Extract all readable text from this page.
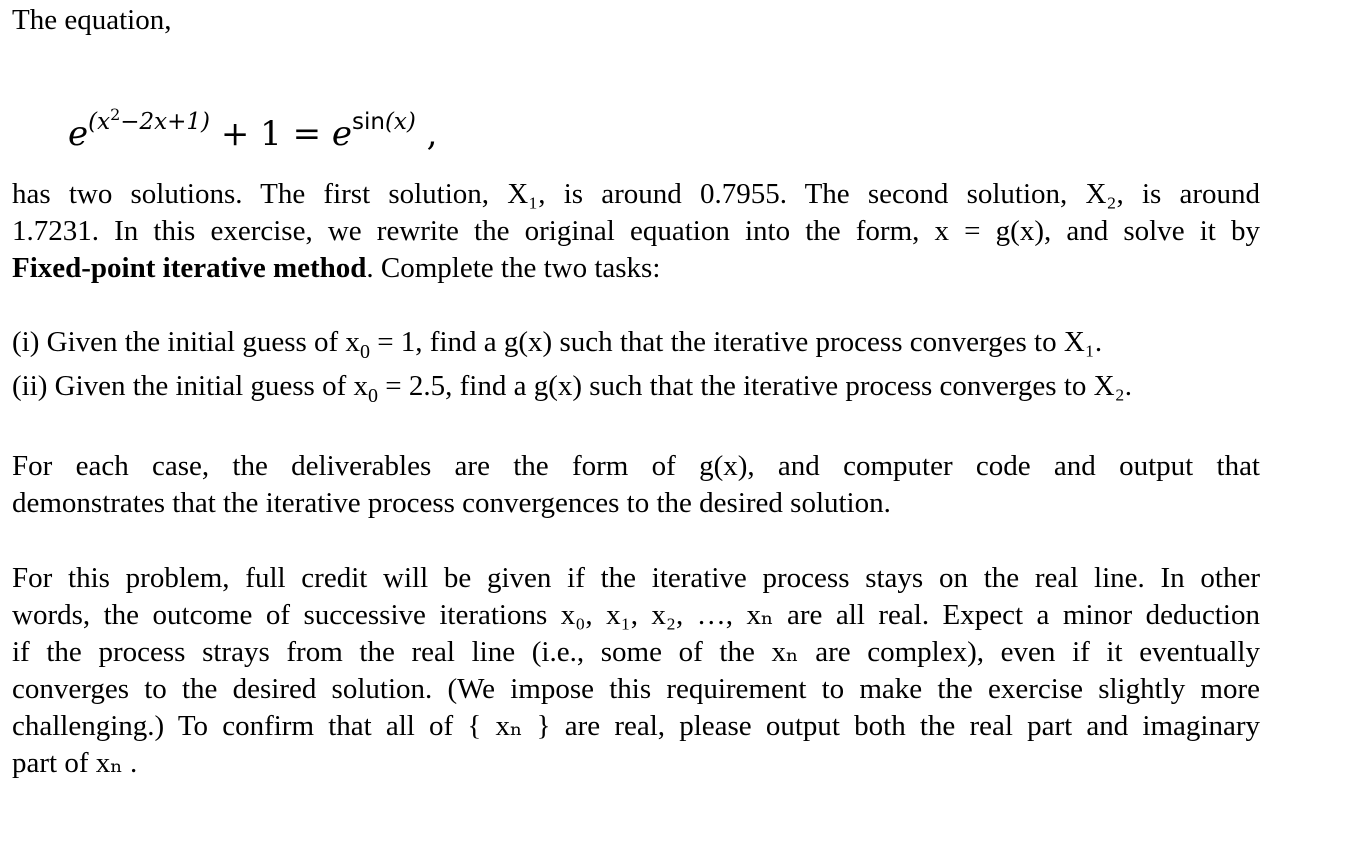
The equation,
$e^{(x^2-2x+1)} + 1 = e^{sin(x)}$ ,
has two solutions. The first solution, X₁, is around 0.7955. The second solution, X₂, is around
1.7231. In this exercise, we rewrite the original equation into the form, x = g(x), and solve it by
Fixed-point iterative method. Complete the two tasks:
(i) Given the initial guess of $x_0 = 1$, find a g(x) such that the iterative process converges to X₁.
(ii) Given the initial guess of $x_0 = 2.5$, find a g(x) such that the iterative process converges to X₂.
For each case, the deliverables are the form of g(x), and computer code and output that
demonstrates that the iterative process convergences to the desired solution.
For this problem, full credit will be given if the iterative process stays on the real line. In other
words, the outcome of successive iterations x₀, x₁, x₂, …, xₙ are all real. Expect a minor deduction
if the process strays from the real line (i.e., some of the xₙ are complex), even if it eventually
converges to the desired solution. (We impose this requirement to make the exercise slightly more
challenging.) To confirm that all of { xₙ } are real, please output both the real part and imaginary
part of xₙ .
